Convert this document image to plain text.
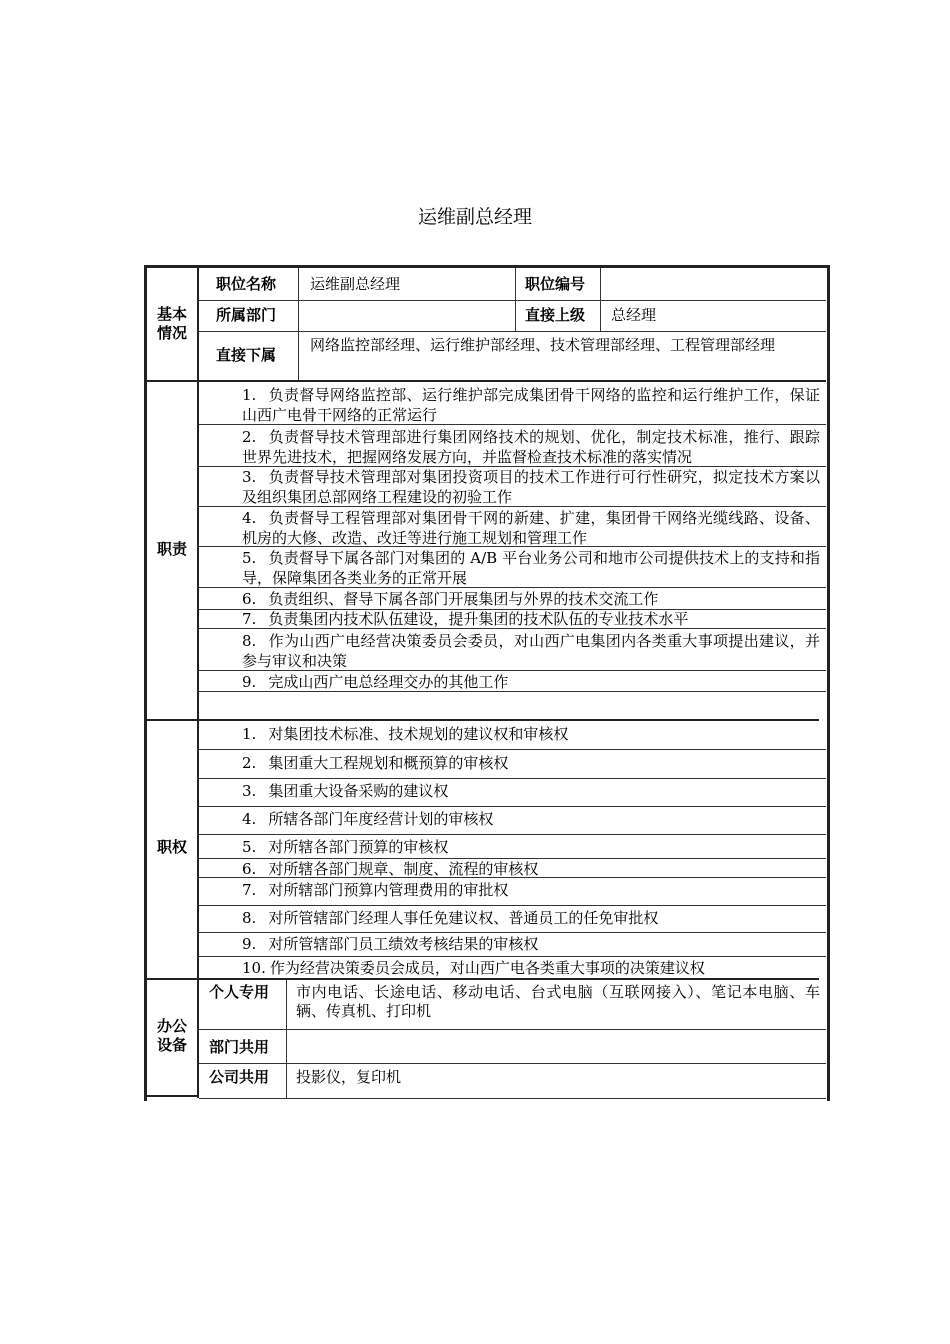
运维副总经理
基本
情况
职位名称 运维副总经理	职位编号
所属部门	直接上级 总经理
直接下属
网络监控部经理、运行维护部经理、技术管理部经理、工程管理部经理
职责
1. 负责督导网络监控部、运行维护部完成集团骨干网络的监控和运行维护工作，保证山西广电骨干网络的正常运行
2. 负责督导技术管理部进行集团网络技术的规划、优化，制定技术标准，推行、跟踪世界先进技术，把握网络发展方向，并监督检查技术标准的落实情况
3. 负责督导技术管理部对集团投资项目的技术工作进行可行性研究，拟定技术方案以及组织集团总部网络工程建设的初验工作
4. 负责督导工程管理部对集团骨干网的新建、扩建，集团骨干网络光缆线路、设备、机房的大修、改造、改迁等进行施工规划和管理工作
5. 负责督导下属各部门对集团的 A/B 平台业务公司和地市公司提供技术上的支持和指导，保障集团各类业务的正常开展
6. 负责组织、督导下属各部门开展集团与外界的技术交流工作
7. 负责集团内技术队伍建设，提升集团的技术队伍的专业技术水平
8. 作为山西广电经营决策委员会委员，对山西广电集团内各类重大事项提出建议，并参与审议和决策
9. 完成山西广电总经理交办的其他工作
职权
1. 对集团技术标准、技术规划的建议权和审核权
2. 集团重大工程规划和概预算的审核权
3. 集团重大设备采购的建议权
4. 所辖各部门年度经营计划的审核权
5. 对所辖各部门预算的审核权
6. 对所辖各部门规章、制度、流程的审核权
7. 对所辖部门预算内管理费用的审批权
8. 对所管辖部门经理人事任免建议权、普通员工的任免审批权
9. 对所管辖部门员工绩效考核结果的审核权
10. 作为经营决策委员会成员，对山西广电各类重大事项的决策建议权
办公
设备
个人专用 市内电话、长途电话、移动电话、台式电脑（互联网接入）、笔记本电脑、车辆、传真机、打印机
部门共用
公司共用 投影仪，复印机
